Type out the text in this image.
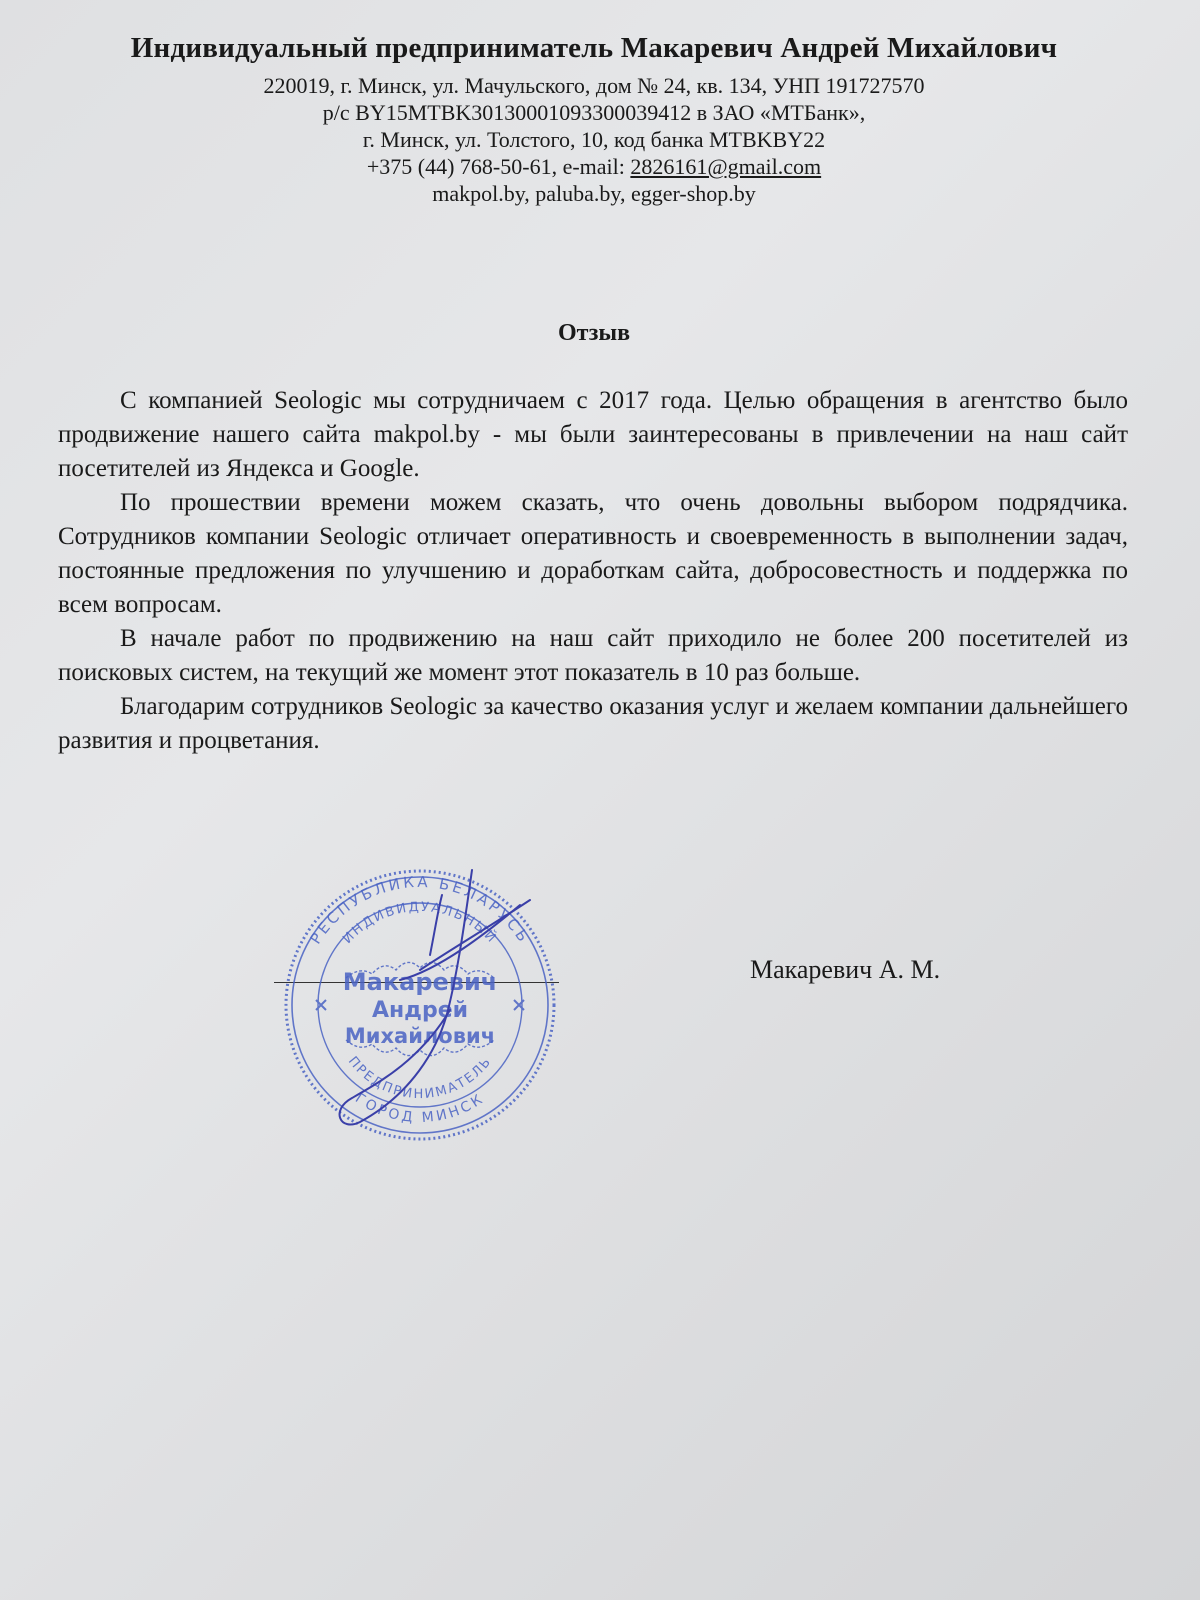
Индивидуальный предприниматель Макаревич Андрей Михайлович

220019, г. Минск, ул. Мачульского, дом № 24, кв. 134, УНП 191727570

р/с BY15MTBK30130001093300039412 в ЗАО «МТБанк»,

г. Минск, ул. Толстого, 10, код банка MTBKBY22

+375 (44) 768-50-61, e-mail: 2826161@gmail.com

makpol.by, paluba.by, egger-shop.by

Отзыв

С компанией Seologic мы сотрудничаем с 2017 года. Целью обращения в агентство было продвижение нашего сайта makpol.by - мы были заинтересованы в привлечении на наш сайт посетителей из Яндекса и Google.

По прошествии времени можем сказать, что очень довольны выбором подрядчика. Сотрудников компании Seologic отличает оперативность и своевременность в выполнении задач, постоянные предложения по улучшению и доработкам сайта, добросовестность и поддержка по всем вопросам.

В начале работ по продвижению на наш сайт приходило не более 200 посетителей из поисковых систем, на текущий же момент этот показатель в 10 раз больше.

Благодарим сотрудников Seologic за качество оказания услуг и желаем компании дальнейшего развития и процветания.

РЕСПУБЛИКА БЕЛАРУСЬ
ИНДИВИДУАЛЬНЫЙ
ПРЕДПРИНИМАТЕЛЬ
ГОРОД МИНСК
Макаревич
Андрей
Михайлович

Макаревич А. М.
